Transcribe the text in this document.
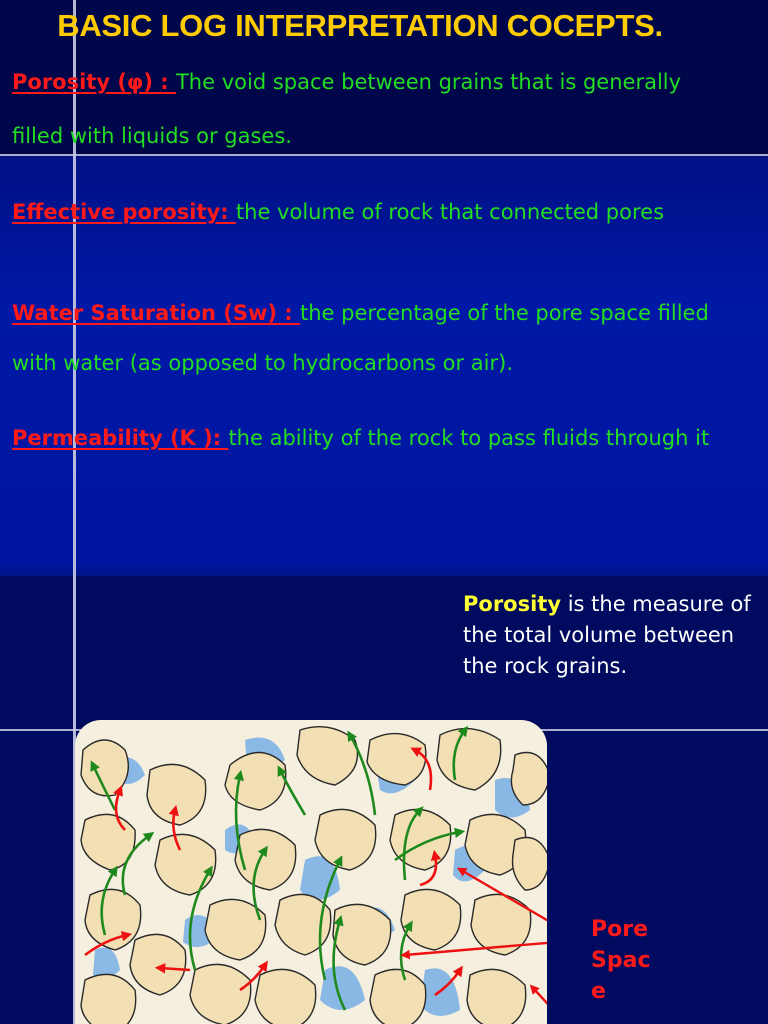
BASIC LOG INTERPRETATION COCEPTS.
Porosity (φ) : The void space between grains that is generally
filled with liquids or gases.
Effective porosity: the volume of rock that connected pores
Water Saturation (Sw) : the percentage of the pore space filled
with water (as opposed to hydrocarbons or air).
Permeability (K ): the ability of the rock to pass fluids through it
Porosity is the measure of the total volume between the rock grains.
Pore
Spac
e
